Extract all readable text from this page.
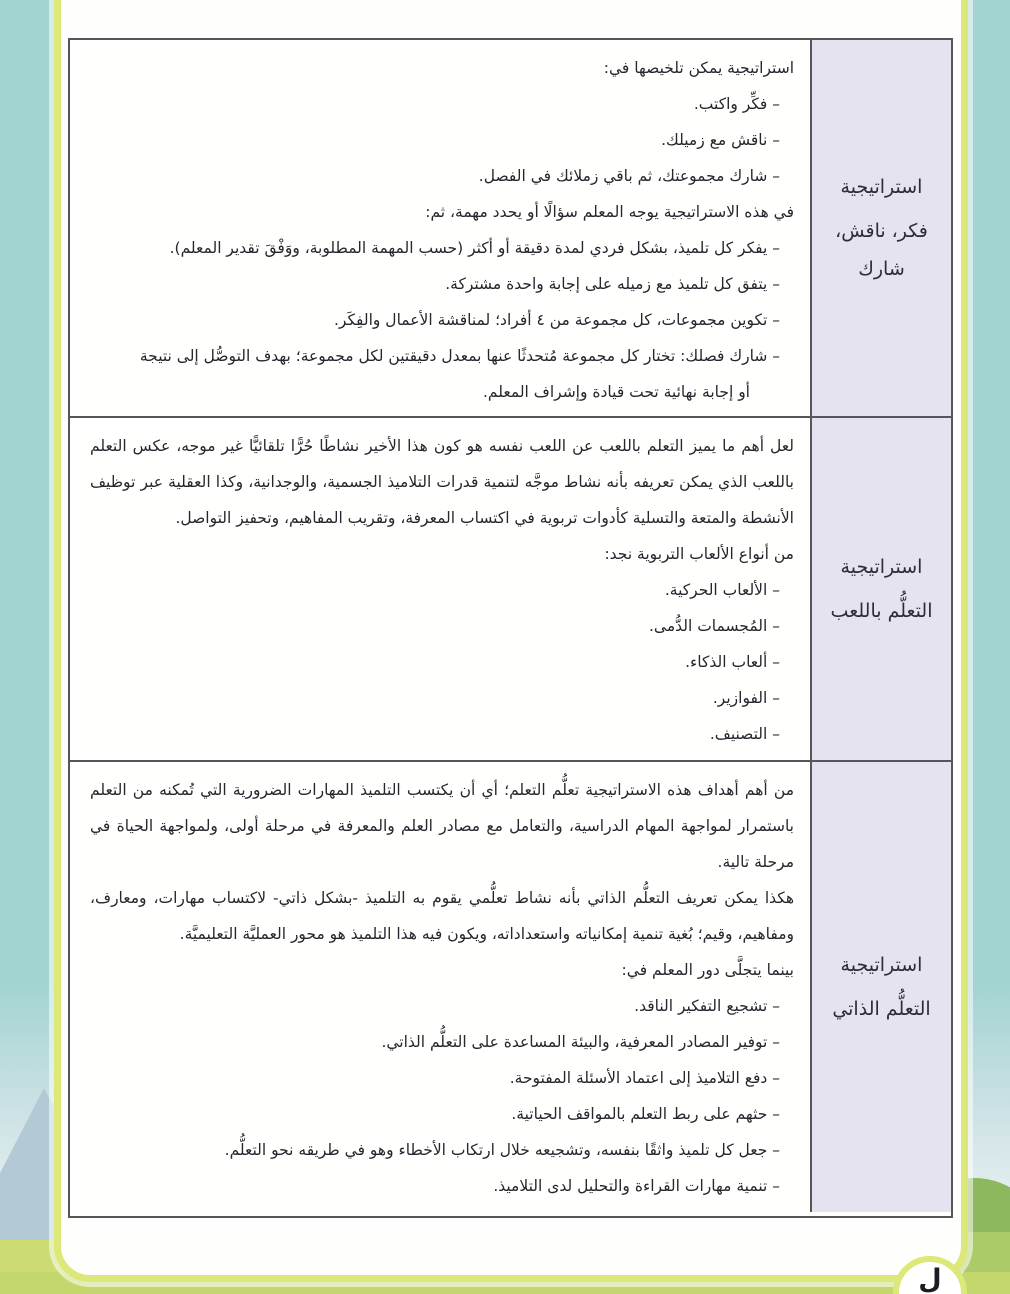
استراتيجية
فكر، ناقش، شارك
استراتيجية يمكن تلخيصها في:
– فكِّر واكتب.
– ناقش مع زميلك.
– شارك مجموعتك، ثم باقي زملائك في الفصل.
في هذه الاستراتيجية يوجه المعلم سؤالًا أو يحدد مهمة، ثم:
– يفكر كل تلميذ، بشكل فردي لمدة دقيقة أو أكثر (حسب المهمة المطلوبة، ووَفْقَ تقدير المعلم).
– يتفق كل تلميذ مع زميله على إجابة واحدة مشتركة.
– تكوين مجموعات، كل مجموعة من ٤ أفراد؛ لمناقشة الأعمال والفِكَر.
– شارك فصلك: تختار كل مجموعة مُتحدثًا عنها بمعدل دقيقتين لكل مجموعة؛ بهدف التوصُّل إلى نتيجة
أو إجابة نهائية تحت قيادة وإشراف المعلم.
استراتيجية
التعلُّم باللعب
لعل أهم ما يميز التعلم باللعب عن اللعب نفسه هو كون هذا الأخير نشاطًا حُرًّا تلقائيًّا غير موجه، عكس التعلم باللعب الذي يمكن تعريفه بأنه نشاط موجَّه لتنمية قدرات التلاميذ الجسمية، والوجدانية، وكذا العقلية عبر توظيف الأنشطة والمتعة والتسلية كأدوات تربوية في اكتساب المعرفة، وتقريب المفاهيم، وتحفيز التواصل.
من أنواع الألعاب التربوية نجد:
– الألعاب الحركية.
– المُجسمات الدُّمى.
– ألعاب الذكاء.
– الفوازير.
– التصنيف.
استراتيجية
التعلُّم الذاتي
من أهم أهداف هذه الاستراتيجية تعلُّم التعلم؛ أي أن يكتسب التلميذ المهارات الضرورية التي تُمكنه من التعلم باستمرار لمواجهة المهام الدراسية، والتعامل مع مصادر العلم والمعرفة في مرحلة أولى، ولمواجهة الحياة في مرحلة تالية.
هكذا يمكن تعريف التعلُّم الذاتي بأنه نشاط تعلُّمي يقوم به التلميذ -بشكل ذاتي- لاكتساب مهارات، ومعارف، ومفاهيم، وقيم؛ بُغية تنمية إمكانياته واستعداداته، ويكون فيه هذا التلميذ هو محور العمليَّة التعليميَّة.
بينما يتجلَّى دور المعلم في:
– تشجيع التفكير الناقد.
– توفير المصادر المعرفية، والبيئة المساعدة على التعلُّم الذاتي.
– دفع التلاميذ إلى اعتماد الأسئلة المفتوحة.
– حثهم على ربط التعلم بالمواقف الحياتية.
– جعل كل تلميذ واثقًا بنفسه، وتشجيعه خلال ارتكاب الأخطاء وهو في طريقه نحو التعلُّم.
– تنمية مهارات القراءة والتحليل لدى التلاميذ.
ل
